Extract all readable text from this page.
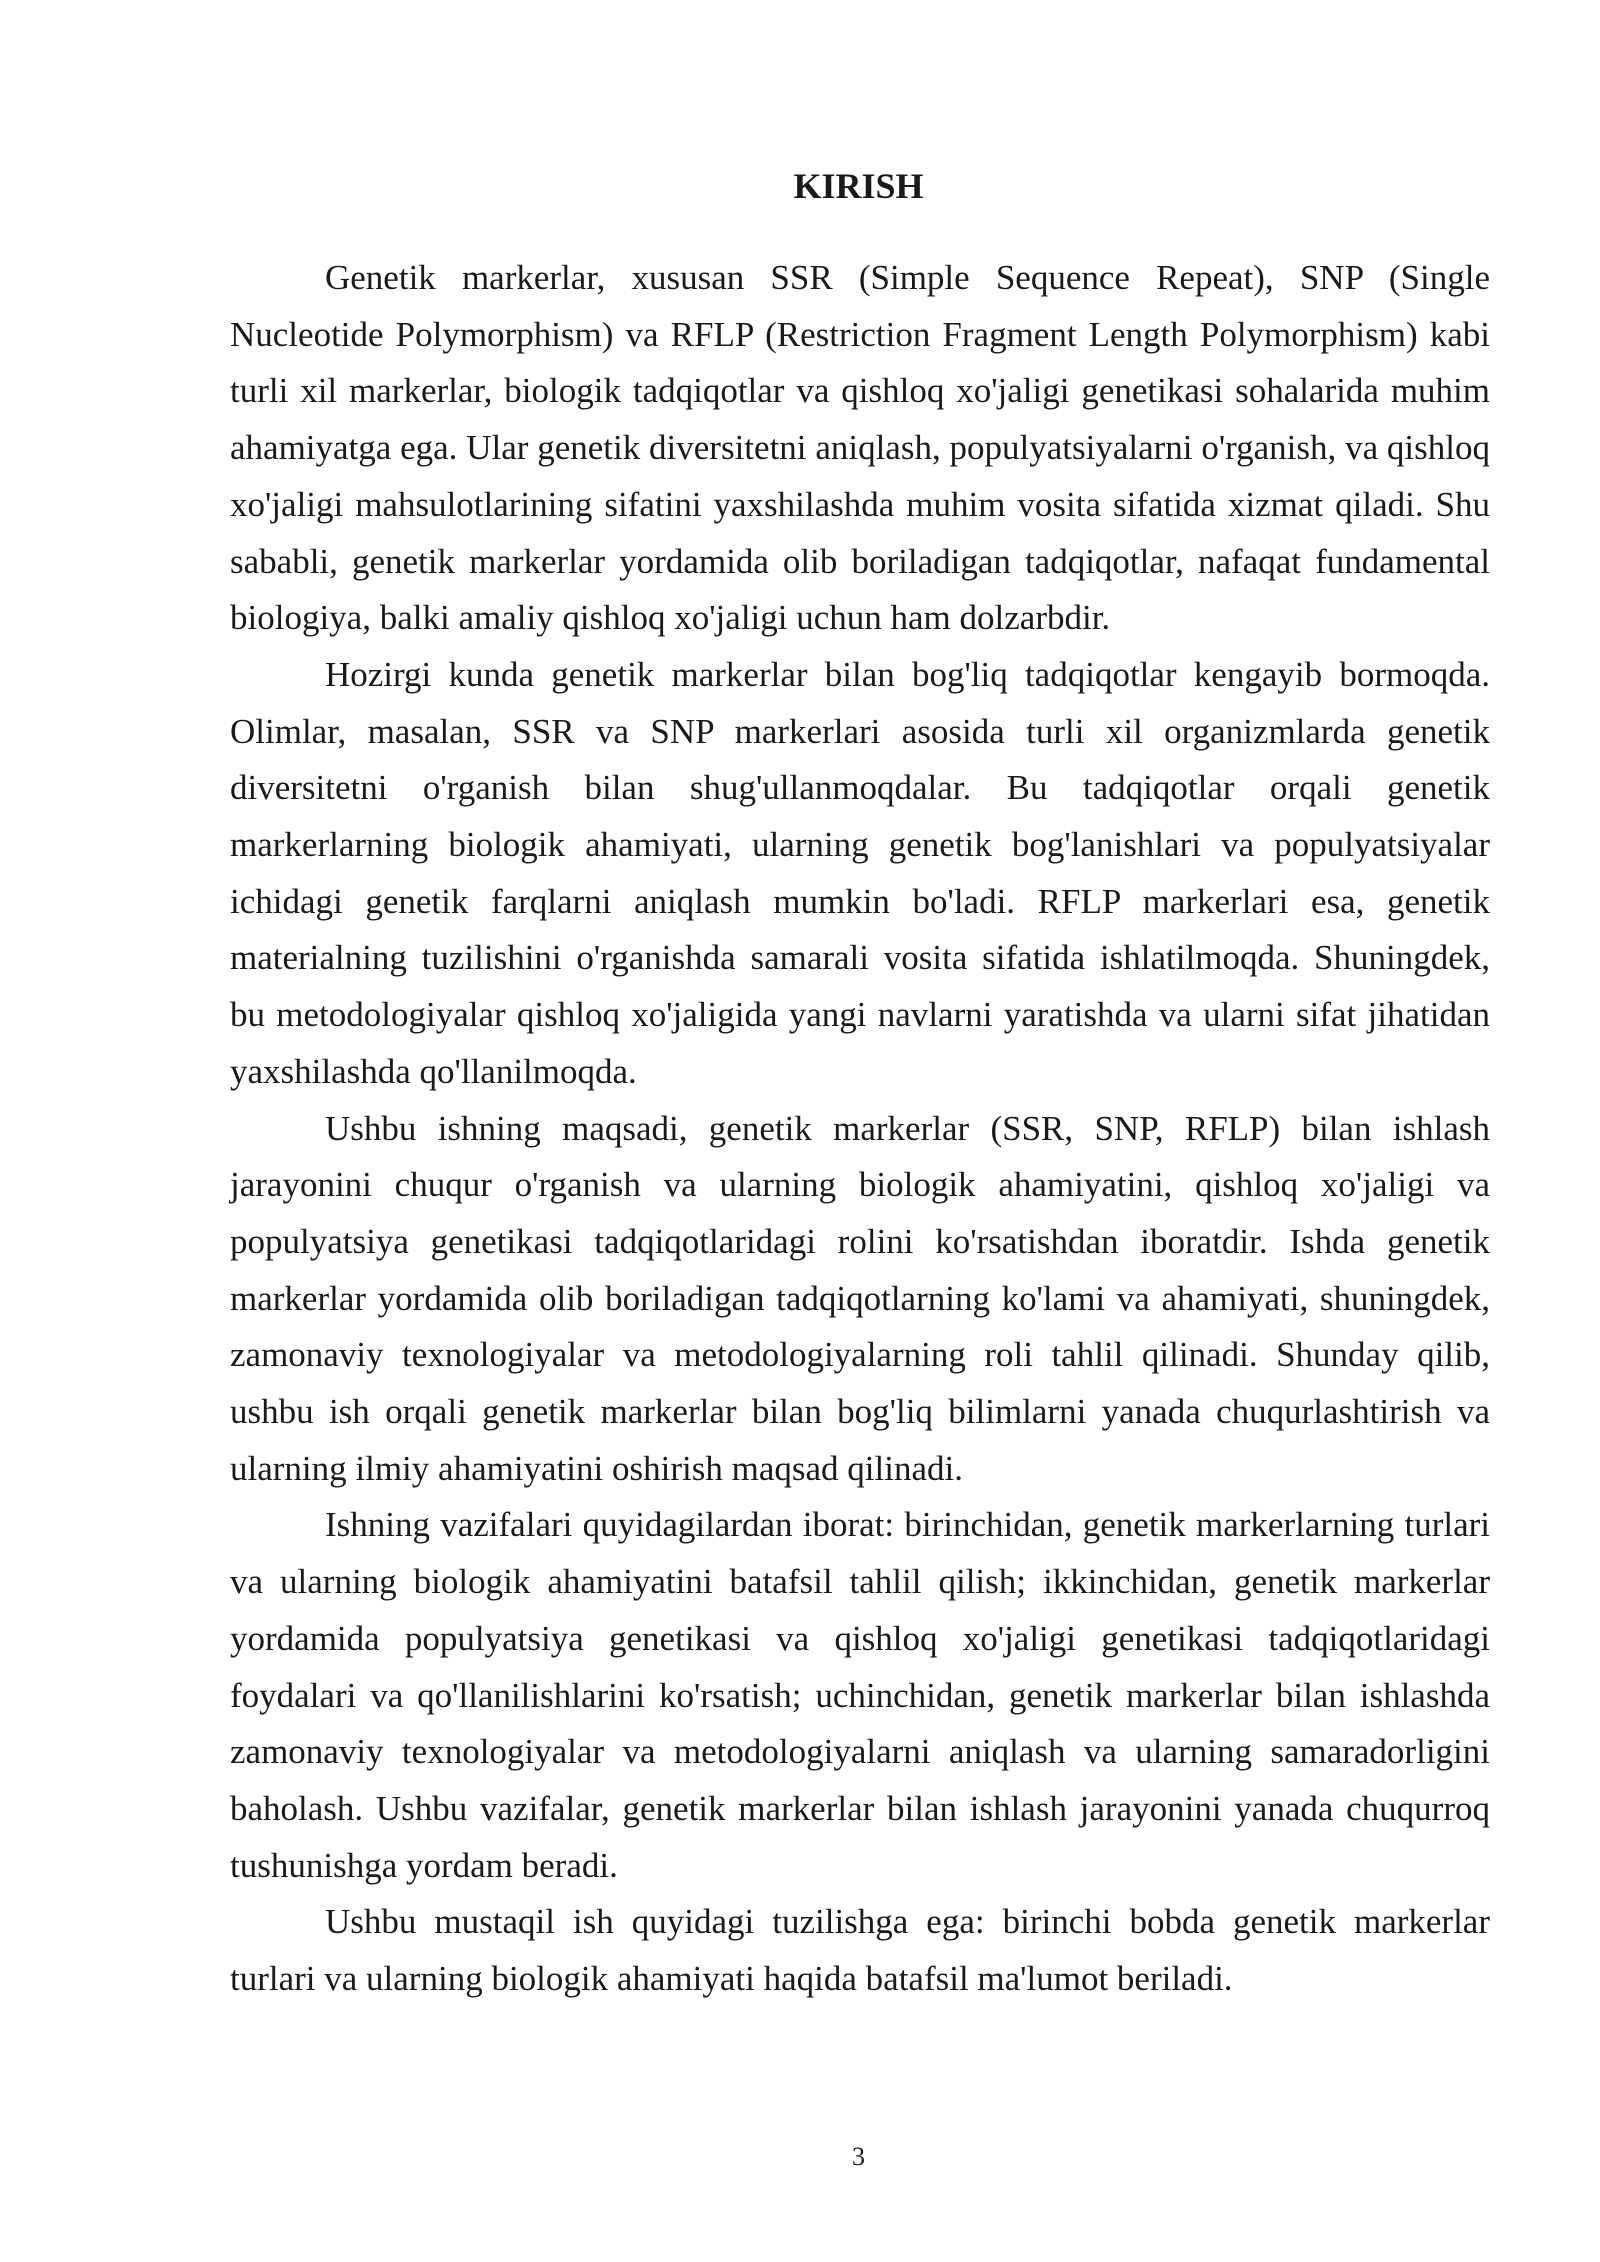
KIRISH

Genetik markerlar, xususan SSR (Simple Sequence Repeat), SNP (Single Nucleotide Polymorphism) va RFLP (Restriction Fragment Length Polymorphism) kabi turli xil markerlar, biologik tadqiqotlar va qishloq xo'jaligi genetikasi sohalarida muhim ahamiyatga ega. Ular genetik diversitetni aniqlash, populyatsiyalarni o'rganish, va qishloq xo'jaligi mahsulotlarining sifatini yaxshilashda muhim vosita sifatida xizmat qiladi. Shu sababli, genetik markerlar yordamida olib boriladigan tadqiqotlar, nafaqat fundamental biologiya, balki amaliy qishloq xo'jaligi uchun ham dolzarbdir.

Hozirgi kunda genetik markerlar bilan bog'liq tadqiqotlar kengayib bormoqda. Olimlar, masalan, SSR va SNP markerlari asosida turli xil organizmlarda genetik diversitetni o'rganish bilan shug'ullanmoqdalar. Bu tadqiqotlar orqali genetik markerlarning biologik ahamiyati, ularning genetik bog'lanishlari va populyatsiyalar ichidagi genetik farqlarni aniqlash mumkin bo'ladi. RFLP markerlari esa, genetik materialning tuzilishini o'rganishda samarali vosita sifatida ishlatilmoqda. Shuningdek, bu metodologiyalar qishloq xo'jaligida yangi navlarni yaratishda va ularni sifat jihatidan yaxshilashda qo'llanilmoqda.

Ushbu ishning maqsadi, genetik markerlar (SSR, SNP, RFLP) bilan ishlash jarayonini chuqur o'rganish va ularning biologik ahamiyatini, qishloq xo'jaligi va populyatsiya genetikasi tadqiqotlaridagi rolini ko'rsatishdan iboratdir. Ishda genetik markerlar yordamida olib boriladigan tadqiqotlarning ko'lami va ahamiyati, shuningdek, zamonaviy texnologiyalar va metodologiyalarning roli tahlil qilinadi. Shunday qilib, ushbu ish orqali genetik markerlar bilan bog'liq bilimlarni yanada chuqurlashtirish va ularning ilmiy ahamiyatini oshirish maqsad qilinadi.

Ishning vazifalari quyidagilardan iborat: birinchidan, genetik markerlarning turlari va ularning biologik ahamiyatini batafsil tahlil qilish; ikkinchidan, genetik markerlar yordamida populyatsiya genetikasi va qishloq xo'jaligi genetikasi tadqiqotlaridagi foydalari va qo'llanilishlarini ko'rsatish; uchinchidan, genetik markerlar bilan ishlashda zamonaviy texnologiyalar va metodologiyalarni aniqlash va ularning samaradorligini baholash. Ushbu vazifalar, genetik markerlar bilan ishlash jarayonini yanada chuqurroq tushunishga yordam beradi.

Ushbu mustaqil ish quyidagi tuzilishga ega: birinchi bobda genetik markerlar turlari va ularning biologik ahamiyati haqida batafsil ma'lumot beriladi.

3
